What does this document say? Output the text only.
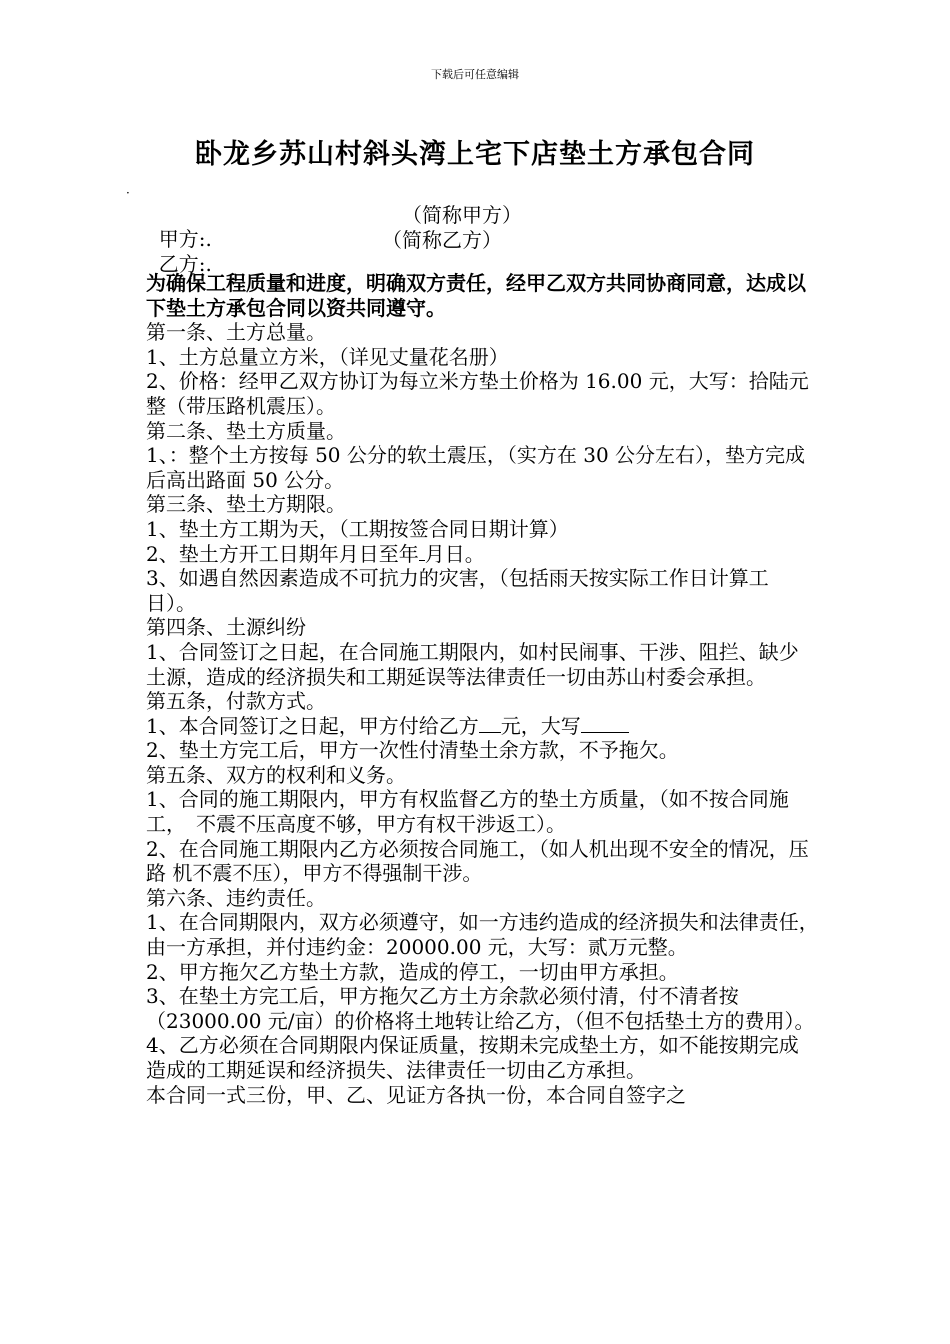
下载后可任意编辑
卧龙乡苏山村斜头湾上宅下店垫土方承包合同
·

甲方:.

（简称甲方）

乙方:.

（简称乙方）

为确保工程质量和进度，明确双方责任，经甲乙双方共同协商同意，达成以下垫土方承包合同以资共同遵守。

第一条、土方总量。

1、土方总量立方米，（详见丈量花名册）

2、价格：经甲乙双方协订为每立米方垫土价格为 16.00 元，大写：拾陆元整（带压路机震压）。

第二条、垫土方质量。

1、：整个土方按每 50 公分的软土震压，（实方在 30 公分左右），垫方完成后高出路面 50 公分。

第三条、垫土方期限。

1、垫土方工期为天，（工期按签合同日期计算）

2、垫土方开工日期年月日至年 月日。

3、如遇自然因素造成不可抗力的灾害，（包括雨天按实际工作日计算工日）。

第四条、土源纠纷

1、合同签订之日起，在合同施工期限内，如村民闹事、干涉、阻拦、缺少土源，造成的经济损失和工期延误等法律责任一切由苏山村委会承担。

第五条，付款方式。

1、本合同签订之日起，甲方付给乙方 元，大写

2、垫土方完工后，甲方一次性付清垫土余方款，不予拖欠。

第五条、双方的权利和义务。

1、合同的施工期限内，甲方有权监督乙方的垫土方质量，（如不按合同施工，　不震不压高度不够，甲方有权干涉返工）。

2、在合同施工期限内乙方必须按合同施工，（如人机出现不安全的情况，压路 机不震不压），甲方不得强制干涉。

第六条、违约责任。

1、在合同期限内，双方必须遵守，如一方违约造成的经济损失和法律责任，　由一方承担，并付违约金：20000.00 元，大写：贰万元整。

2、甲方拖欠乙方垫土方款，造成的停工，一切由甲方承担。

3、在垫土方完工后，甲方拖欠乙方土方余款必须付清，付不清者按（23000.00 元/亩）的价格将土地转让给乙方，（但不包括垫土方的费用）。

4、乙方必须在合同期限内保证质量，按期未完成垫土方，如不能按期完成造成的工期延误和经济损失、法律责任一切由乙方承担。

本合同一式三份，甲、乙、见证方各执一份，本合同自签字之
